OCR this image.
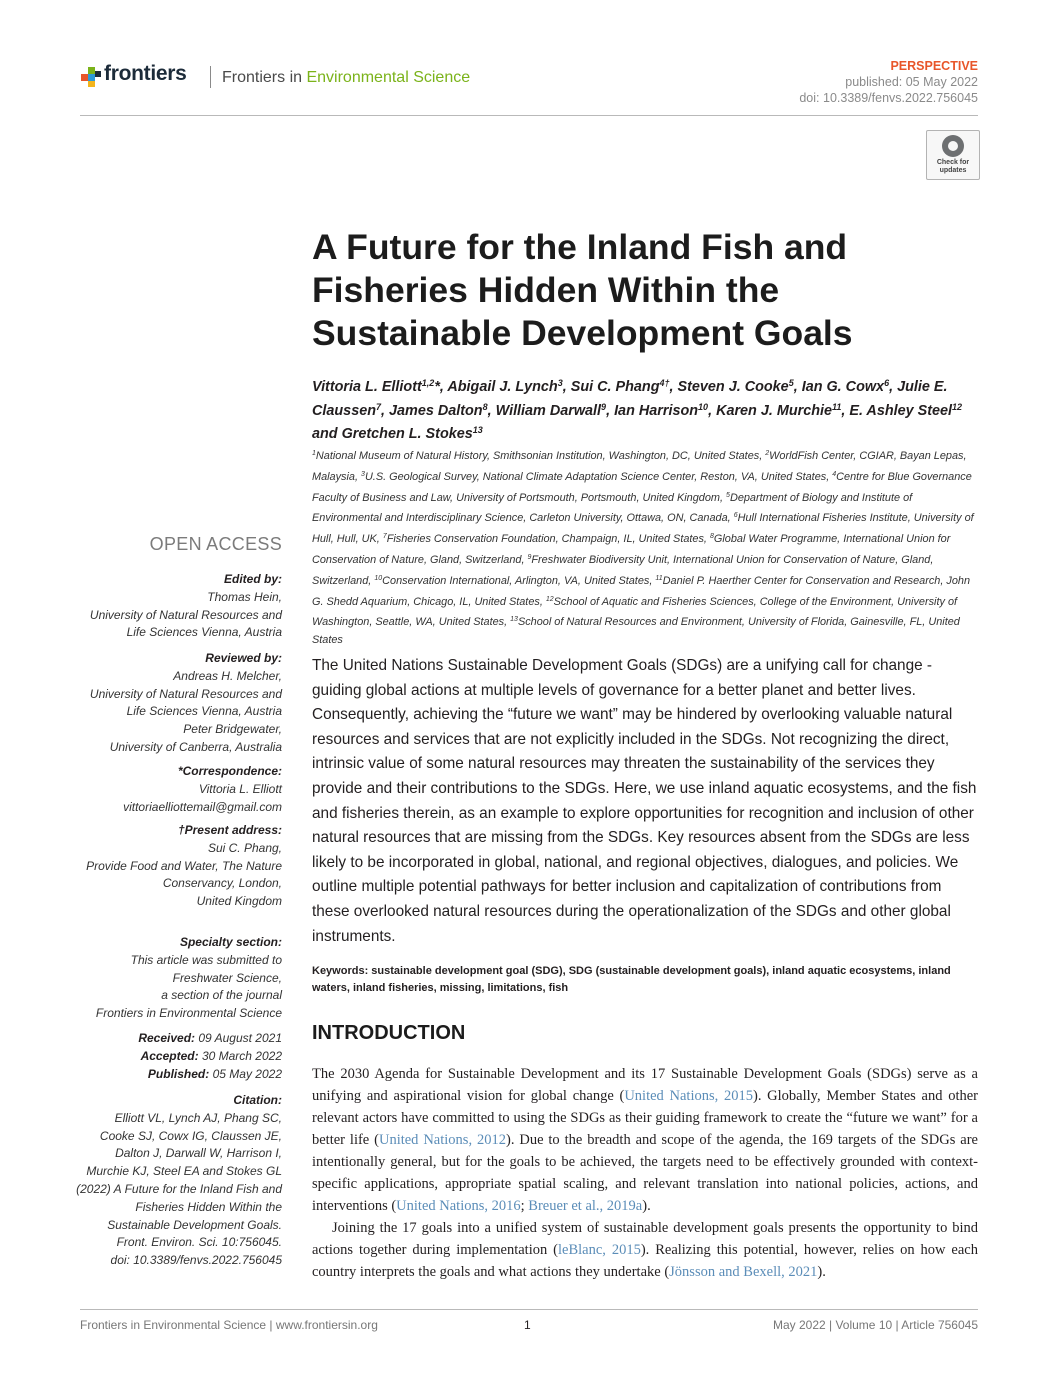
frontiers Frontiers in Environmental Science
PERSPECTIVE
published: 05 May 2022
doi: 10.3389/fenvs.2022.756045
Check for
updates
A Future for the Inland Fish and Fisheries Hidden Within the Sustainable Development Goals
Vittoria L. Elliott$^{1,2}$*, Abigail J. Lynch$^3$, Sui C. Phang$^{4\dagger}$, Steven J. Cooke$^5$, Ian G. Cowx$^6$, Julie E. Claussen$^7$, James Dalton$^8$, William Darwall$^9$, Ian Harrison$^{10}$, Karen J. Murchie$^{11}$, E. Ashley Steel$^{12}$ and Gretchen L. Stokes$^{13}$
$^1$National Museum of Natural History, Smithsonian Institution, Washington, DC, United States, $^2$WorldFish Center, CGIAR, Bayan Lepas, Malaysia, $^3$U.S. Geological Survey, National Climate Adaptation Science Center, Reston, VA, United States, $^4$Centre for Blue Governance Faculty of Business and Law, University of Portsmouth, Portsmouth, United Kingdom, $^5$Department of Biology and Institute of Environmental and Interdisciplinary Science, Carleton University, Ottawa, ON, Canada, $^6$Hull International Fisheries Institute, University of Hull, Hull, UK, $^7$Fisheries Conservation Foundation, Champaign, IL, United States, $^8$Global Water Programme, International Union for Conservation of Nature, Gland, Switzerland, $^9$Freshwater Biodiversity Unit, International Union for Conservation of Nature, Gland, Switzerland, $^{10}$Conservation International, Arlington, VA, United States, $^{11}$Daniel P. Haerther Center for Conservation and Research, John G. Shedd Aquarium, Chicago, IL, United States, $^{12}$School of Aquatic and Fisheries Sciences, College of the Environment, University of Washington, Seattle, WA, United States, $^{13}$School of Natural Resources and Environment, University of Florida, Gainesville, FL, United States
The United Nations Sustainable Development Goals (SDGs) are a unifying call for change - guiding global actions at multiple levels of governance for a better planet and better lives. Consequently, achieving the “future we want” may be hindered by overlooking valuable natural resources and services that are not explicitly included in the SDGs. Not recognizing the direct, intrinsic value of some natural resources may threaten the sustainability of the services they provide and their contributions to the SDGs. Here, we use inland aquatic ecosystems, and the fish and fisheries therein, as an example to explore opportunities for recognition and inclusion of other natural resources that are missing from the SDGs. Key resources absent from the SDGs are less likely to be incorporated in global, national, and regional objectives, dialogues, and policies. We outline multiple potential pathways for better inclusion and capitalization of contributions from these overlooked natural resources during the operationalization of the SDGs and other global instruments.
Keywords: sustainable development goal (SDG), SDG (sustainable development goals), inland aquatic ecosystems, inland waters, inland fisheries, missing, limitations, fish
INTRODUCTION

The 2030 Agenda for Sustainable Development and its 17 Sustainable Development Goals (SDGs) serve as a unifying and aspirational vision for global change (United Nations, 2015). Globally, Member States and other relevant actors have committed to using the SDGs as their guiding framework to create the “future we want” for a better life (United Nations, 2012). Due to the breadth and scope of the agenda, the 169 targets of the SDGs are intentionally general, but for the goals to be achieved, the targets need to be effectively grounded with context-specific applications, appropriate spatial scaling, and relevant translation into national policies, actions, and interventions (United Nations, 2016; Breuer et al., 2019a).

Joining the 17 goals into a unified system of sustainable development goals presents the opportunity to bind actions together during implementation (leBlanc, 2015). Realizing this potential, however, relies on how each country interprets the goals and what actions they undertake (Jönsson and Bexell, 2021).

OPEN ACCESS
Edited by:
Thomas Hein,
University of Natural Resources and
Life Sciences Vienna, Austria
Reviewed by:
Andreas H. Melcher,
University of Natural Resources and
Life Sciences Vienna, Austria
Peter Bridgewater,
University of Canberra, Australia
*Correspondence:
Vittoria L. Elliott
vittoriaelliottemail@gmail.com
†Present address:
Sui C. Phang,
Provide Food and Water, The Nature
Conservancy, London,
United Kingdom
Specialty section:
This article was submitted to
Freshwater Science,
a section of the journal
Frontiers in Environmental Science
Received: 09 August 2021
Accepted: 30 March 2022
Published: 05 May 2022
Citation:
Elliott VL, Lynch AJ, Phang SC,
Cooke SJ, Cowx IG, Claussen JE,
Dalton J, Darwall W, Harrison I,
Murchie KJ, Steel EA and Stokes GL
(2022) A Future for the Inland Fish and
Fisheries Hidden Within the
Sustainable Development Goals.
Front. Environ. Sci. 10:756045.
doi: 10.3389/fenvs.2022.756045
Frontiers in Environmental Science | www.frontiersin.org	1	May 2022 | Volume 10 | Article 756045
